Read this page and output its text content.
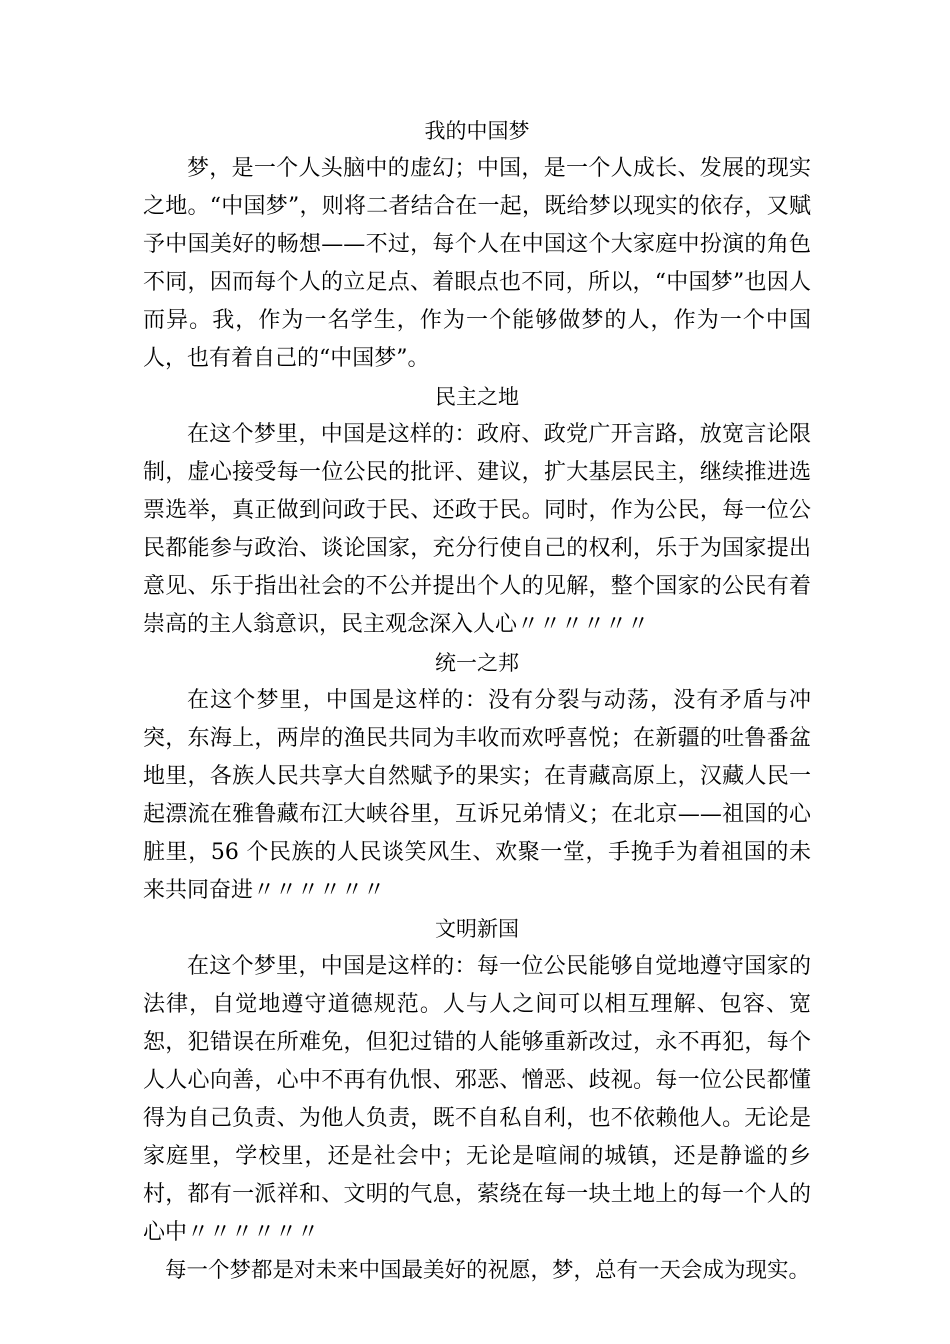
我的中国梦

梦，是一个人头脑中的虚幻；中国，是一个人成长、发展的现实之地。“中国梦”，则将二者结合在一起，既给梦以现实的依存，又赋予中国美好的畅想——不过，每个人在中国这个大家庭中扮演的角色不同，因而每个人的立足点、着眼点也不同，所以，“中国梦”也因人而异。我，作为一名学生，作为一个能够做梦的人，作为一个中国人，也有着自己的“中国梦”。

民主之地

在这个梦里，中国是这样的：政府、政党广开言路，放宽言论限制，虚心接受每一位公民的批评、建议，扩大基层民主，继续推进选票选举，真正做到问政于民、还政于民。同时，作为公民，每一位公民都能参与政治、谈论国家，充分行使自己的权利，乐于为国家提出意见、乐于指出社会的不公并提出个人的见解，整个国家的公民有着崇高的主人翁意识，民主观念深入人心〃〃〃〃〃〃

统一之邦

在这个梦里，中国是这样的：没有分裂与动荡，没有矛盾与冲突，东海上，两岸的渔民共同为丰收而欢呼喜悦；在新疆的吐鲁番盆地里，各族人民共享大自然赋予的果实；在青藏高原上，汉藏人民一起漂流在雅鲁藏布江大峡谷里，互诉兄弟情义；在北京——祖国的心脏里，56 个民族的人民谈笑风生、欢聚一堂，手挽手为着祖国的未来共同奋进〃〃〃〃〃〃

文明新国

在这个梦里，中国是这样的：每一位公民能够自觉地遵守国家的法律，自觉地遵守道德规范。人与人之间可以相互理解、包容、宽恕，犯错误在所难免，但犯过错的人能够重新改过，永不再犯，每个人人心向善，心中不再有仇恨、邪恶、憎恶、歧视。每一位公民都懂得为自己负责、为他人负责，既不自私自利，也不依赖他人。无论是家庭里，学校里，还是社会中；无论是喧闹的城镇，还是静谧的乡村，都有一派祥和、文明的气息，萦绕在每一块土地上的每一个人的心中〃〃〃〃〃〃

每一个梦都是对未来中国最美好的祝愿，梦，总有一天会成为现实。
